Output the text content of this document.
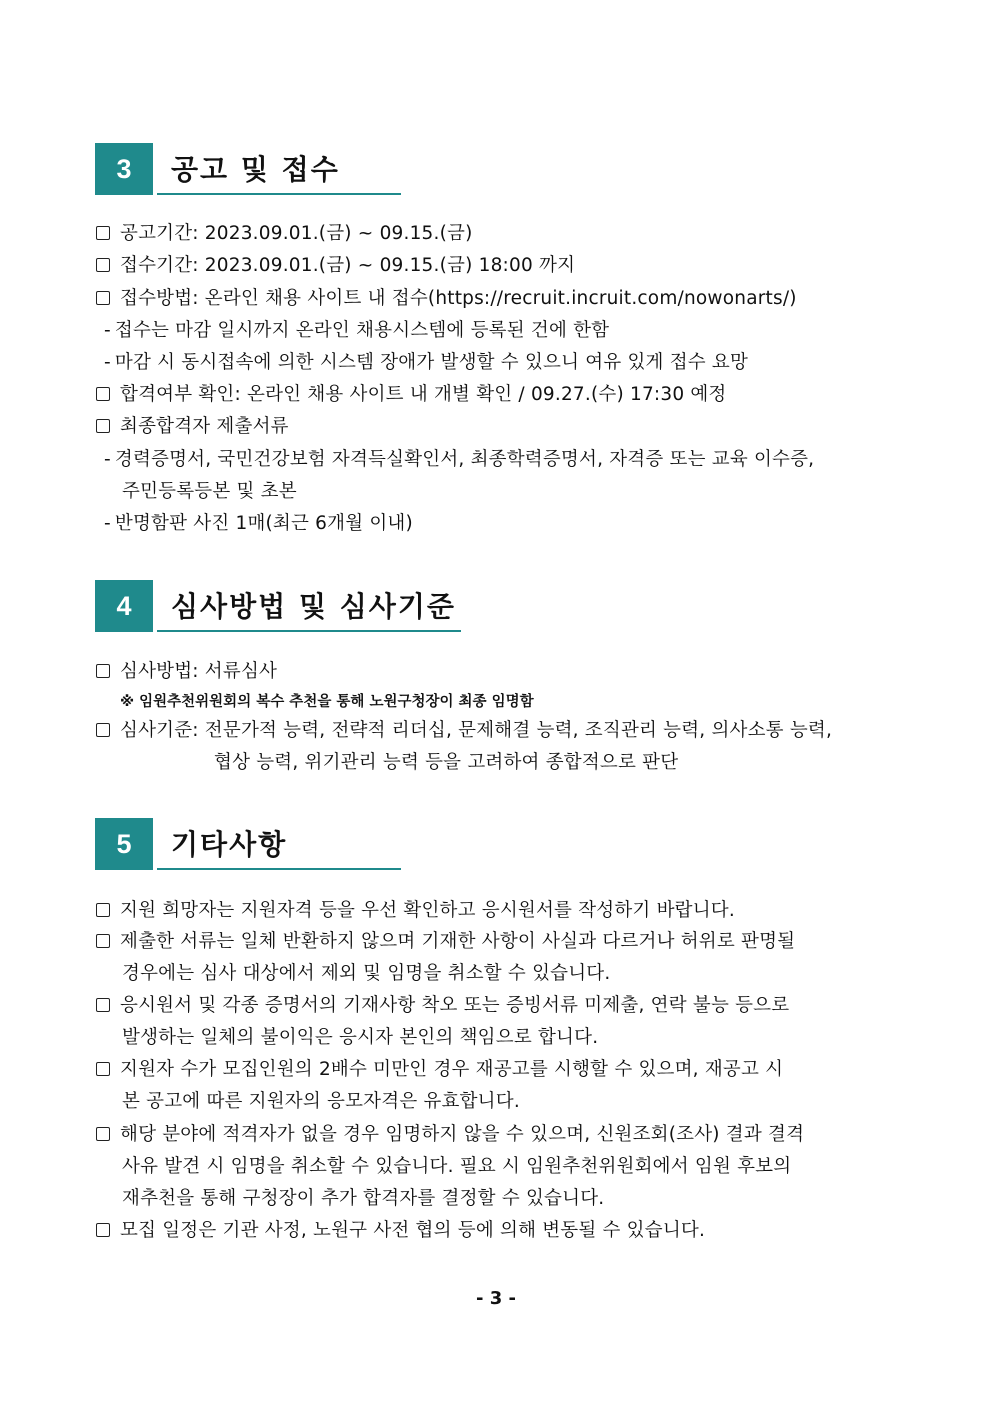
3	공고 및 접수
공고기간: 2023.09.01.(금) ~ 09.15.(금)
접수기간: 2023.09.01.(금) ~ 09.15.(금) 18:00 까지
접수방법: 온라인 채용 사이트 내 접수(https://recruit.incruit.com/nowonarts/)
- 접수는 마감 일시까지 온라인 채용시스템에 등록된 건에 한함
- 마감 시 동시접속에 의한 시스템 장애가 발생할 수 있으니 여유 있게 접수 요망
합격여부 확인: 온라인 채용 사이트 내 개별 확인 / 09.27.(수) 17:30 예정
최종합격자 제출서류
- 경력증명서, 국민건강보험 자격득실확인서, 최종학력증명서, 자격증 또는 교육 이수증,
주민등록등본 및 초본
- 반명함판 사진 1매(최근 6개월 이내)
4	심사방법 및 심사기준
심사방법: 서류심사
※ 임원추천위원회의 복수 추천을 통해 노원구청장이 최종 임명함
심사기준: 전문가적 능력, 전략적 리더십, 문제해결 능력, 조직관리 능력, 의사소통 능력,
협상 능력, 위기관리 능력 등을 고려하여 종합적으로 판단
5	기타사항
지원 희망자는 지원자격 등을 우선 확인하고 응시원서를 작성하기 바랍니다.
제출한 서류는 일체 반환하지 않으며 기재한 사항이 사실과 다르거나 허위로 판명될
경우에는 심사 대상에서 제외 및 임명을 취소할 수 있습니다.
응시원서 및 각종 증명서의 기재사항 착오 또는 증빙서류 미제출, 연락 불능 등으로
발생하는 일체의 불이익은 응시자 본인의 책임으로 합니다.
지원자 수가 모집인원의 2배수 미만인 경우 재공고를 시행할 수 있으며, 재공고 시
본 공고에 따른 지원자의 응모자격은 유효합니다.
해당 분야에 적격자가 없을 경우 임명하지 않을 수 있으며, 신원조회(조사) 결과 결격
사유 발견 시 임명을 취소할 수 있습니다. 필요 시 임원추천위원회에서 임원 후보의
재추천을 통해 구청장이 추가 합격자를 결정할 수 있습니다.
모집 일정은 기관 사정, 노원구 사전 협의 등에 의해 변동될 수 있습니다.
- 3 -
